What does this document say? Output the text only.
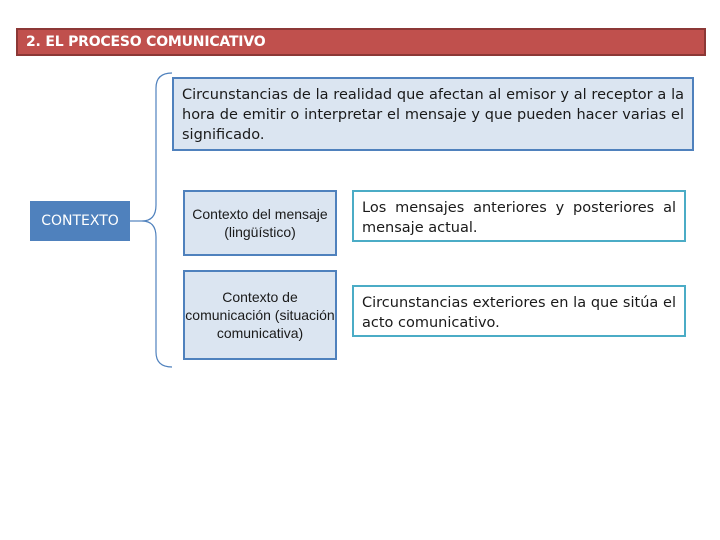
2. EL PROCESO COMUNICATIVO
CONTEXTO
Circunstancias de la realidad que afectan al emisor y al receptor a la hora de emitir o interpretar el mensaje y que pueden hacer varias el significado.
Contexto del mensaje (lingüístico)
Contexto de comunicación (situación comunicativa)
Los mensajes anteriores y posteriores al mensaje actual.
Circunstancias exteriores en la que sitúa el acto comunicativo.
